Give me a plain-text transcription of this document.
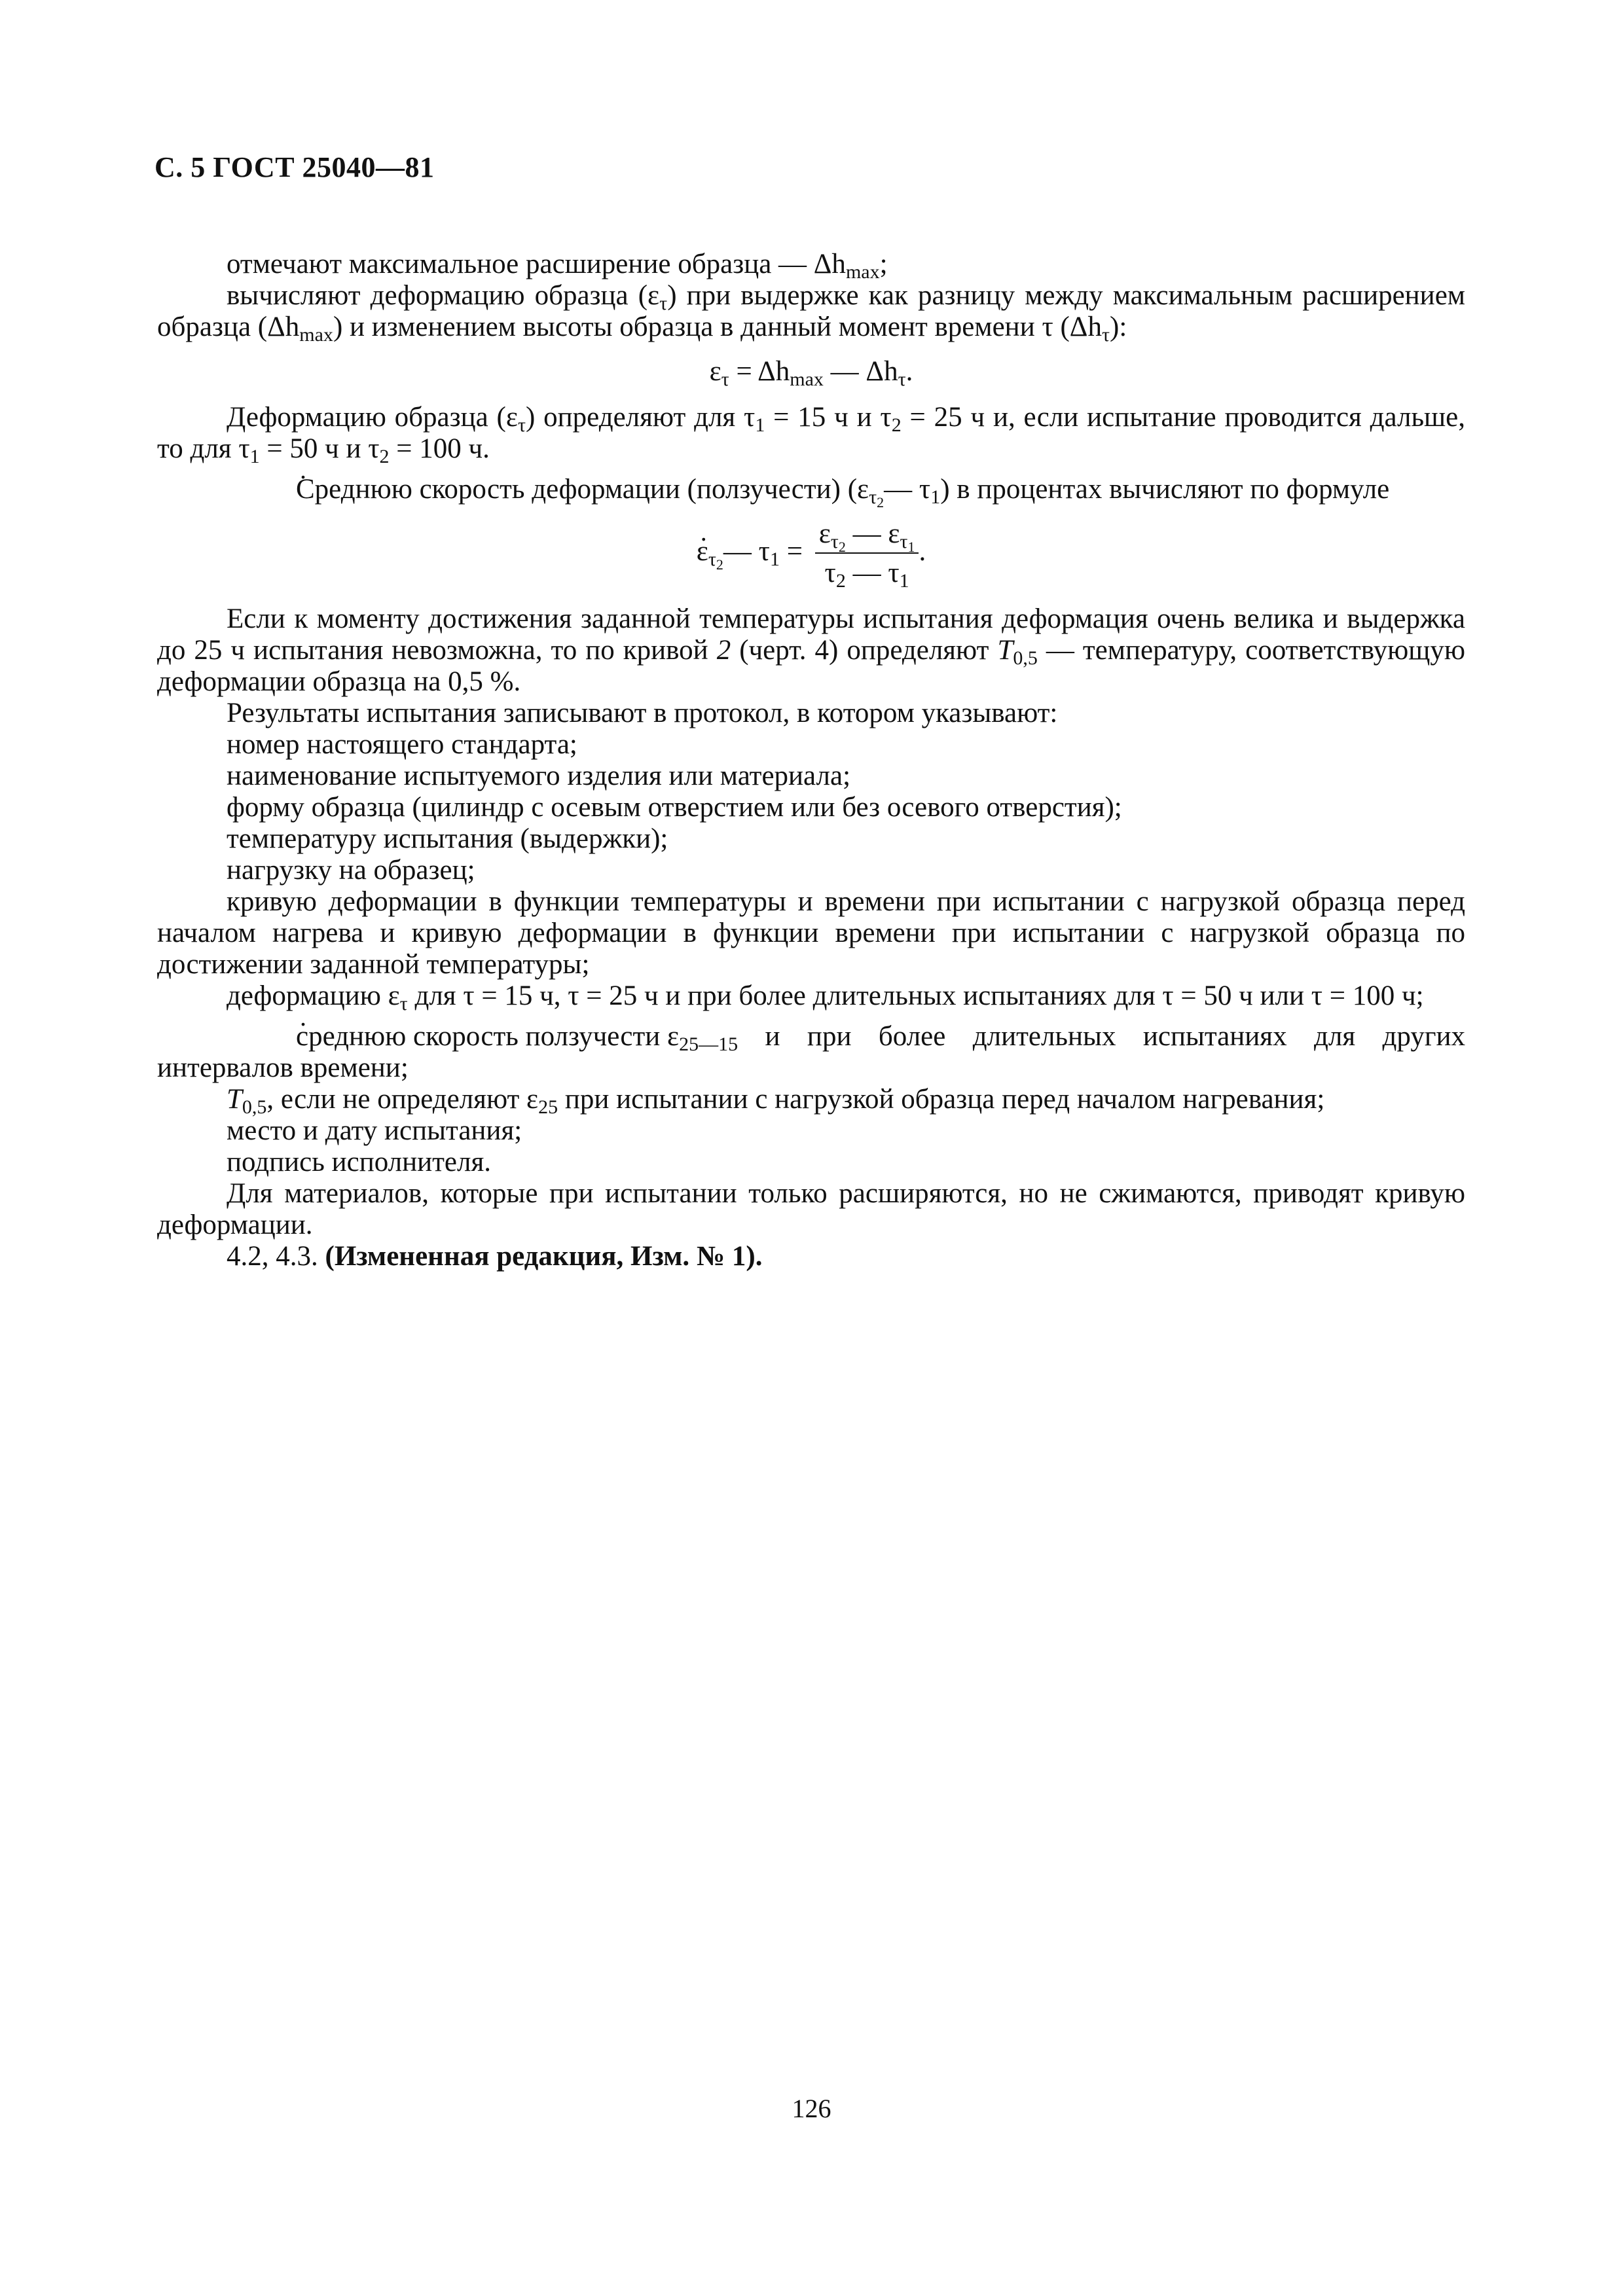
С. 5 ГОСТ 25040—81

отмечают максимальное расширение образца — $\Delta h_{max}$;

вычисляют деформацию образца $(\varepsilon_\tau)$ при выдержке как разницу между максимальным расширением образца $(\Delta h_{max})$ и изменением высоты образца в данный момент времени τ $(\Delta h_\tau)$:

$\varepsilon_\tau = \Delta h_{max}$ — $\Delta h_\tau$.

Деформацию образца $(\varepsilon_\tau)$ определяют для $\tau_1 = 15$ ч и $\tau_2 = 25$ ч и, если испытание проводится дальше, то для $\tau_1 = 50$ ч и $\tau_2 = 100$ ч.

. Среднюю скорость деформации (ползучести) ($\varepsilon_{\tau_2}—$ $\tau_1$) в процентах вычисляют по формуле

. $\varepsilon_{\tau_2}—$ $\tau_1 = \frac{\varepsilon_{\tau_2} — \varepsilon_{\tau_1}}{\tau_2 — \tau_1}$ .

Если к моменту достижения заданной температуры испытания деформация очень велика и выдержка до 25 ч испытания невозможна, то по кривой 2 (черт. 4) определяют $T_{0,5}$ — температуру, соответствующую деформации образца на 0,5 %.

Результаты испытания записывают в протокол, в котором указывают:

номер настоящего стандарта;

наименование испытуемого изделия или материала;

форму образца (цилиндр с осевым отверстием или без осевого отверстия);

температуру испытания (выдержки);

нагрузку на образец;

кривую деформации в функции температуры и времени при испытании с нагрузкой образца перед началом нагрева и кривую деформации в функции времени при испытании с нагрузкой образца по достижении заданной температуры;

деформацию $\varepsilon_\tau$ для τ = 15 ч, τ = 25 ч и при более длительных испытаниях для τ = 50 ч или τ = 100 ч;

. среднюю скорость ползучести $\varepsilon_{25—15}$ и при более длительных испытаниях для других интервалов времени;

$T_{0,5}$, если не определяют $\varepsilon_{25}$ при испытании с нагрузкой образца перед началом нагревания;

место и дату испытания;

подпись исполнителя.

Для материалов, которые при испытании только расширяются, но не сжимаются, приводят кривую деформации.

4.2, 4.3. (Измененная редакция, Изм. № 1).

126
